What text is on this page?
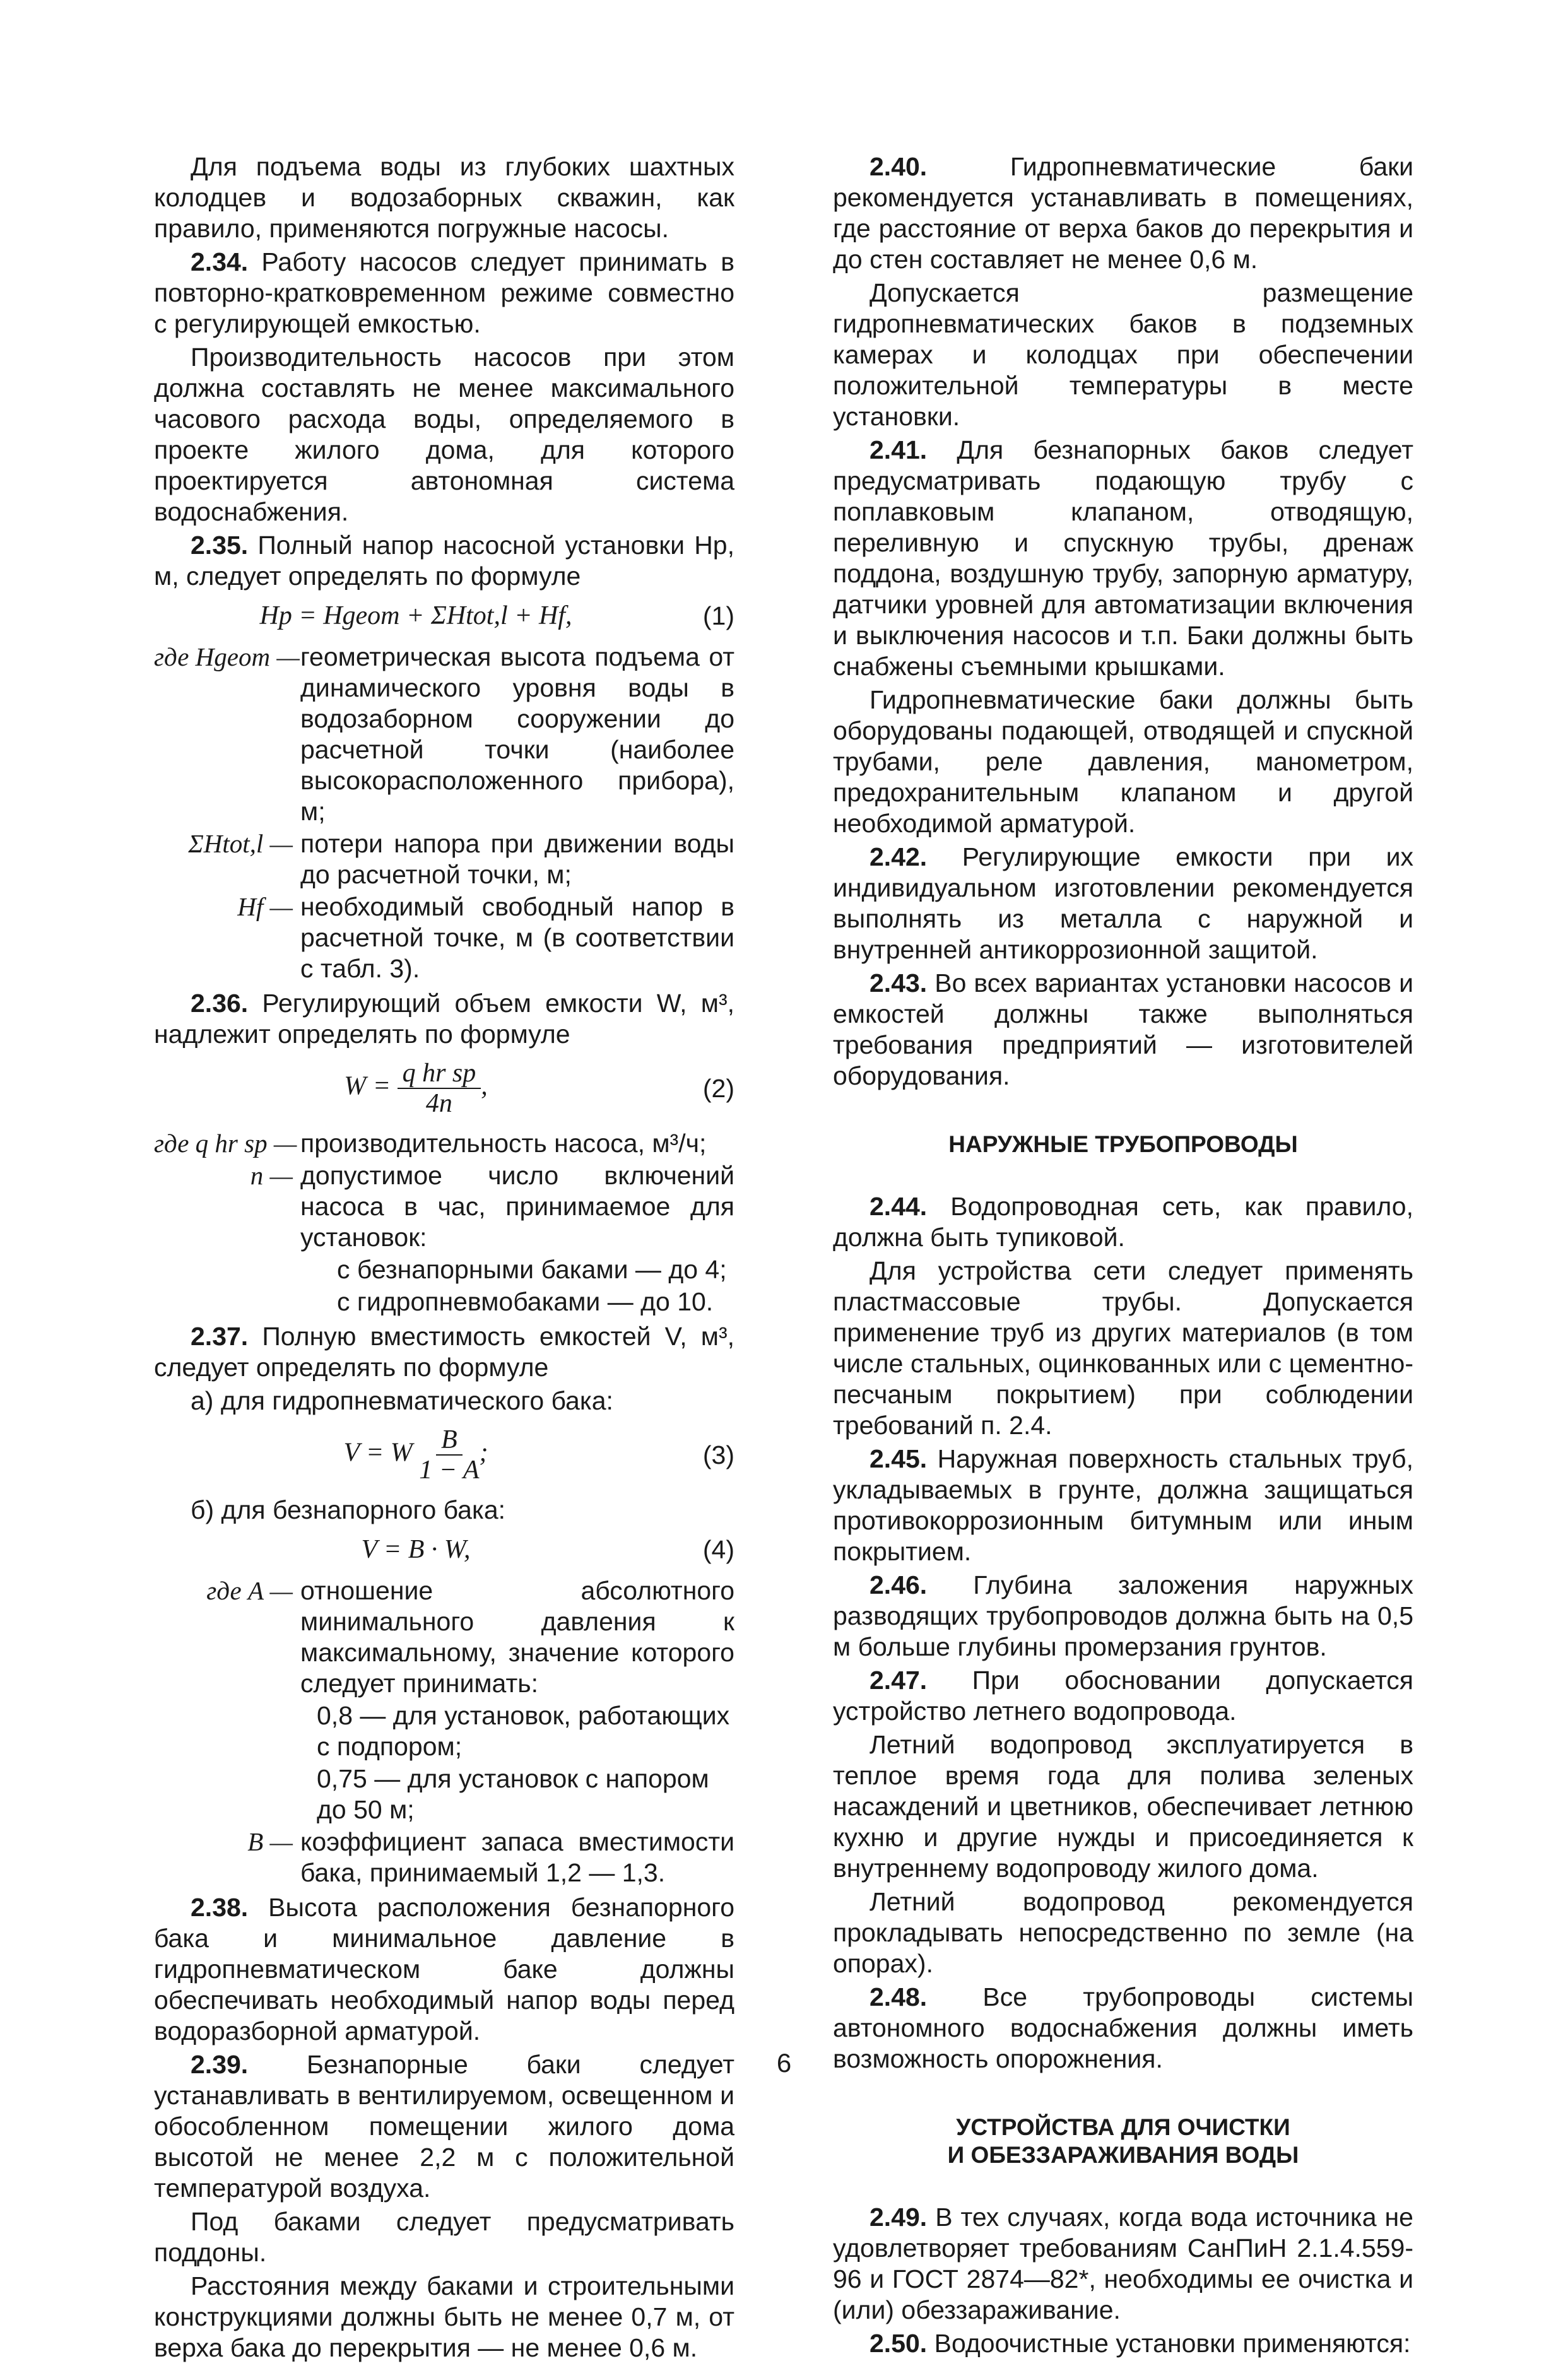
Для подъема воды из глубоких шахтных колодцев и водозаборных скважин, как правило, применяются погружные насосы.

2.34. Работу насосов следует принимать в повторно-кратковременном режиме совместно с регулирующей емкостью.

Производительность насосов при этом должна составлять не менее максимального часового расхода воды, определяемого в проекте жилого дома, для которого проектируется автономная система водоснабжения.

2.35. Полный напор насосной установки Hp, м, следует определять по формуле

Hp = Hgeom + ΣHtot,l + Hf,	(1)
где Hgeom — геометрическая высота подъема от динамического уровня воды в водозаборном сооружении до расчетной точки (наиболее высокорасположенного прибора), м;
ΣHtot,l — потери напора при движении воды до расчетной точки, м;
Hf — необходимый свободный напор в расчетной точке, м (в соответствии с табл. 3).

2.36. Регулирующий объем емкости W, м³, надлежит определять по формуле

$W = \frac{\text{q hr sp}}{4n}$ ,	(2)
где q hr sp — производительность насоса, м³/ч;
n — допустимое число включений насоса в час, принимаемое для установок:

с безнапорными баками — до 4;

с гидропневмобаками — до 10.

2.37. Полную вместимость емкостей V, м³, следует определять по формуле

а) для гидропневматического бака:

V = W $\frac{B}{1 - A}$ ;	(3)

б) для безнапорного бака:

V = B · W,	(4)
где A — отношение абсолютного минимального давления к максимальному, значение которого следует принимать:

0,8 — для установок, работающих с подпором;

0,75 — для установок с напором до 50 м;

B — коэффициент запаса вместимости бака, принимаемый 1,2 — 1,3.

2.38. Высота расположения безнапорного бака и минимальное давление в гидропневматическом баке должны обеспечивать необходимый напор воды перед водоразборной арматурой.

2.39. Безнапорные баки следует устанавливать в вентилируемом, освещенном и обособленном помещении жилого дома высотой не менее 2,2 м с положительной температурой воздуха.

Под баками следует предусматривать поддоны.

Расстояния между баками и строительными конструкциями должны быть не менее 0,7 м, от верха бака до перекрытия — не менее 0,6 м.

2.40. Гидропневматические баки рекомендуется устанавливать в помещениях, где расстояние от верха баков до перекрытия и до стен составляет не менее 0,6 м.

Допускается размещение гидропневматических баков в подземных камерах и колодцах при обеспечении положительной температуры в месте установки.

2.41. Для безнапорных баков следует предусматривать подающую трубу с поплавковым клапаном, отводящую, переливную и спускную трубы, дренаж поддона, воздушную трубу, запорную арматуру, датчики уровней для автоматизации включения и выключения насосов и т.п. Баки должны быть снабжены съемными крышками.

Гидропневматические баки должны быть оборудованы подающей, отводящей и спускной трубами, реле давления, манометром, предохранительным клапаном и другой необходимой арматурой.

2.42. Регулирующие емкости при их индивидуальном изготовлении рекомендуется выполнять из металла с наружной и внутренней антикоррозионной защитой.

2.43. Во всех вариантах установки насосов и емкостей должны также выполняться требования предприятий — изготовителей оборудования.

НАРУЖНЫЕ ТРУБОПРОВОДЫ

2.44. Водопроводная сеть, как правило, должна быть тупиковой.

Для устройства сети следует применять пластмассовые трубы. Допускается применение труб из других материалов (в том числе стальных, оцинкованных или с цементно-песчаным покрытием) при соблюдении требований п. 2.4.

2.45. Наружная поверхность стальных труб, укладываемых в грунте, должна защищаться противокоррозионным битумным или иным покрытием.

2.46. Глубина заложения наружных разводящих трубопроводов должна быть на 0,5 м больше глубины промерзания грунтов.

2.47. При обосновании допускается устройство летнего водопровода.

Летний водопровод эксплуатируется в теплое время года для полива зеленых насаждений и цветников, обеспечивает летнюю кухню и другие нужды и присоединяется к внутреннему водопроводу жилого дома.

Летний водопровод рекомендуется прокладывать непосредственно по земле (на опорах).

2.48. Все трубопроводы системы автономного водоснабжения должны иметь возможность опорожнения.

УСТРОЙСТВА ДЛЯ ОЧИСТКИ
И ОБЕЗЗАРАЖИВАНИЯ ВОДЫ

2.49. В тех случаях, когда вода источника не удовлетворяет требованиям СанПиН 2.1.4.559-96 и ГОСТ 2874—82*, необходимы ее очистка и (или) обеззараживание.

2.50. Водоочистные установки применяются:

6
